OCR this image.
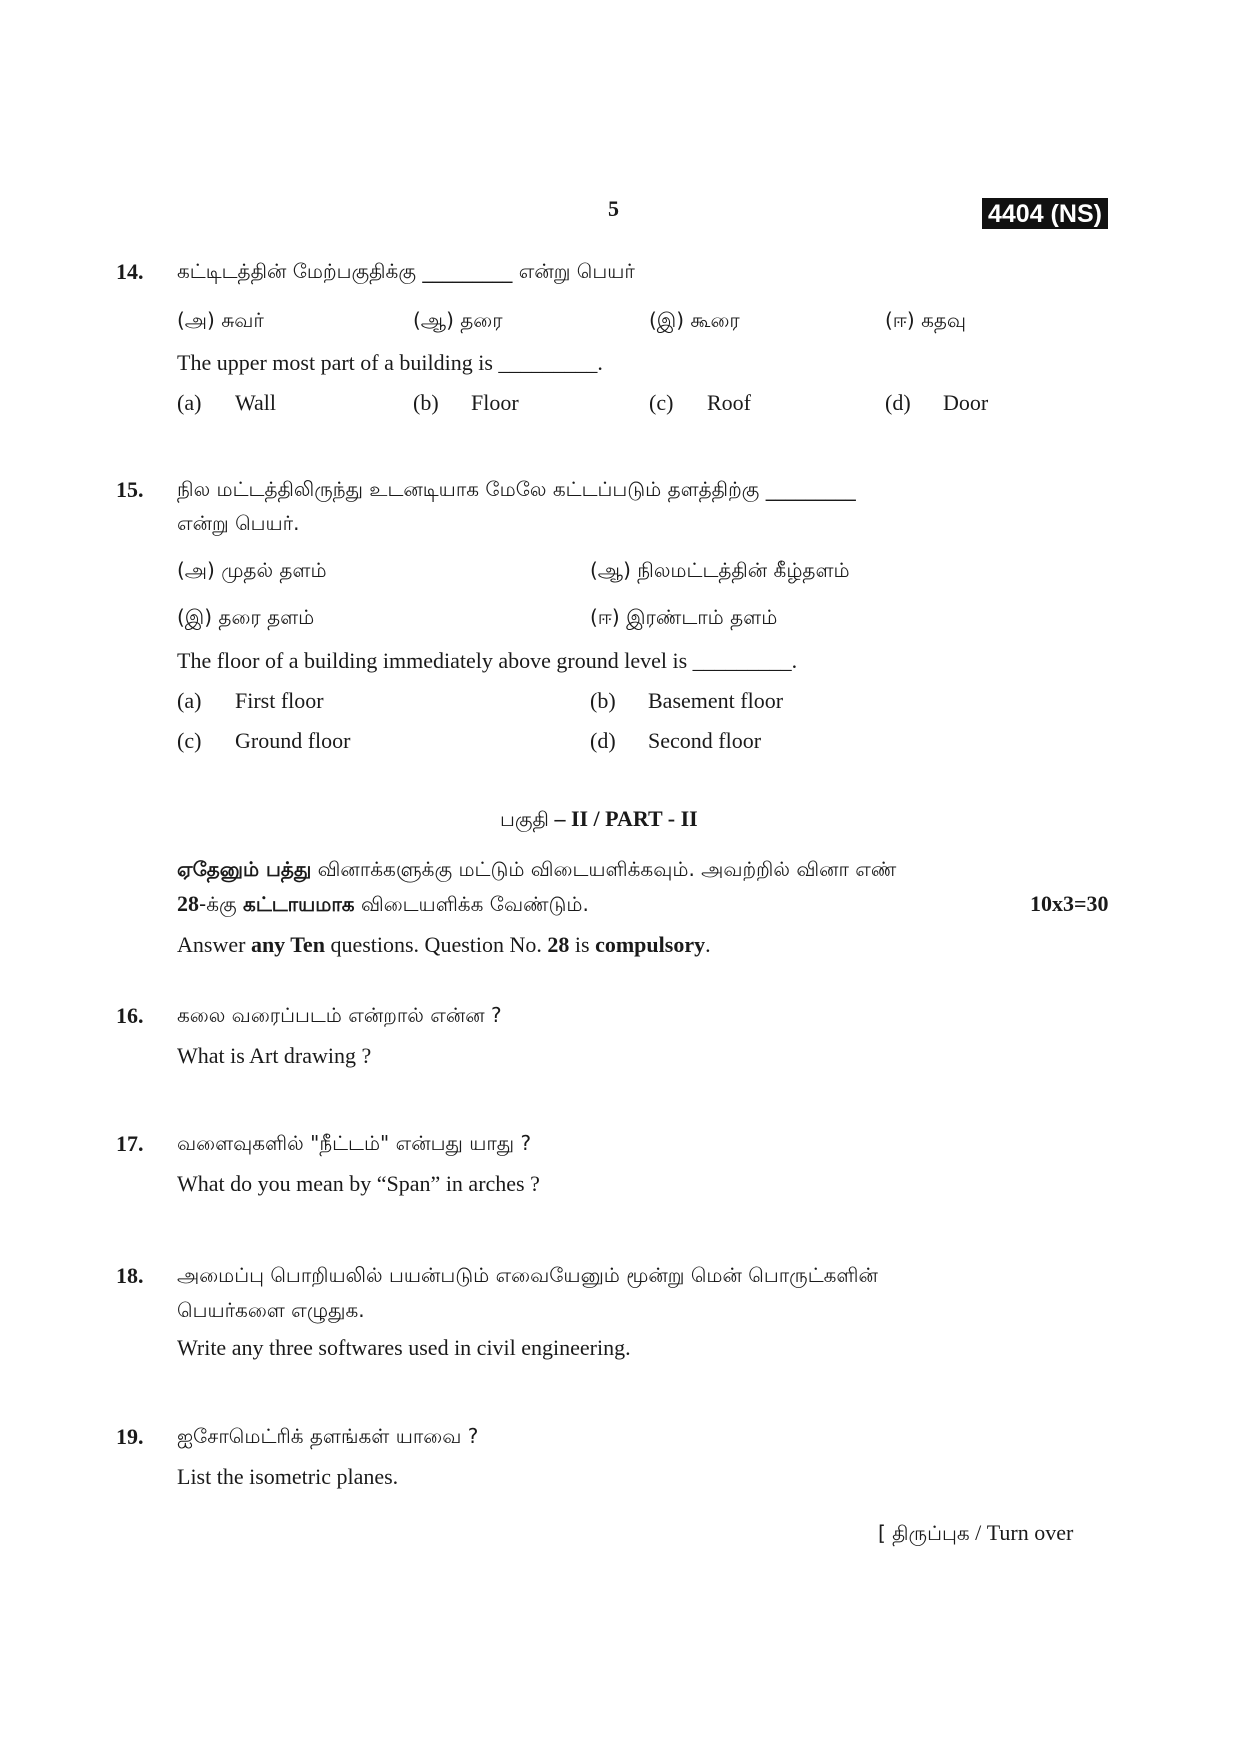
5	4404 (NS)
14. கட்டிடத்தின் மேற்பகுதிக்கு _________ என்று பெயர்
(அ) சுவர்	(ஆ) தரை	(இ) கூரை	(ஈ) கதவு
The upper most part of a building is _________.
(a) Wall	(b) Floor	(c) Roof	(d) Door
15. நில மட்டத்திலிருந்து உடனடியாக மேலே கட்டப்படும் தளத்திற்கு _________
என்று பெயர்.
(அ) முதல் தளம்	(ஆ) நிலமட்டத்தின் கீழ்தளம்
(இ) தரை தளம்	(ஈ) இரண்டாம் தளம்
The floor of a building immediately above ground level is _________.
(a) First floor	(b) Basement floor
(c) Ground floor	(d) Second floor
பகுதி – II / PART - II
ஏதேனும் பத்து வினாக்களுக்கு மட்டும் விடையளிக்கவும். அவற்றில் வினா எண்
28-க்கு கட்டாயமாக விடையளிக்க வேண்டும்.	10x3=30
Answer any Ten questions. Question No. 28 is compulsory.
16. கலை வரைப்படம் என்றால் என்ன ?
What is Art drawing ?
17. வளைவுகளில் "நீட்டம்" என்பது யாது ?
What do you mean by “Span” in arches ?
18. அமைப்பு பொறியலில் பயன்படும் எவையேனும் மூன்று மென் பொருட்களின்
பெயர்களை எழுதுக.
Write any three softwares used in civil engineering.
19. ஐசோமெட்ரிக் தளங்கள் யாவை ?
List the isometric planes.
[ திருப்புக / Turn over
